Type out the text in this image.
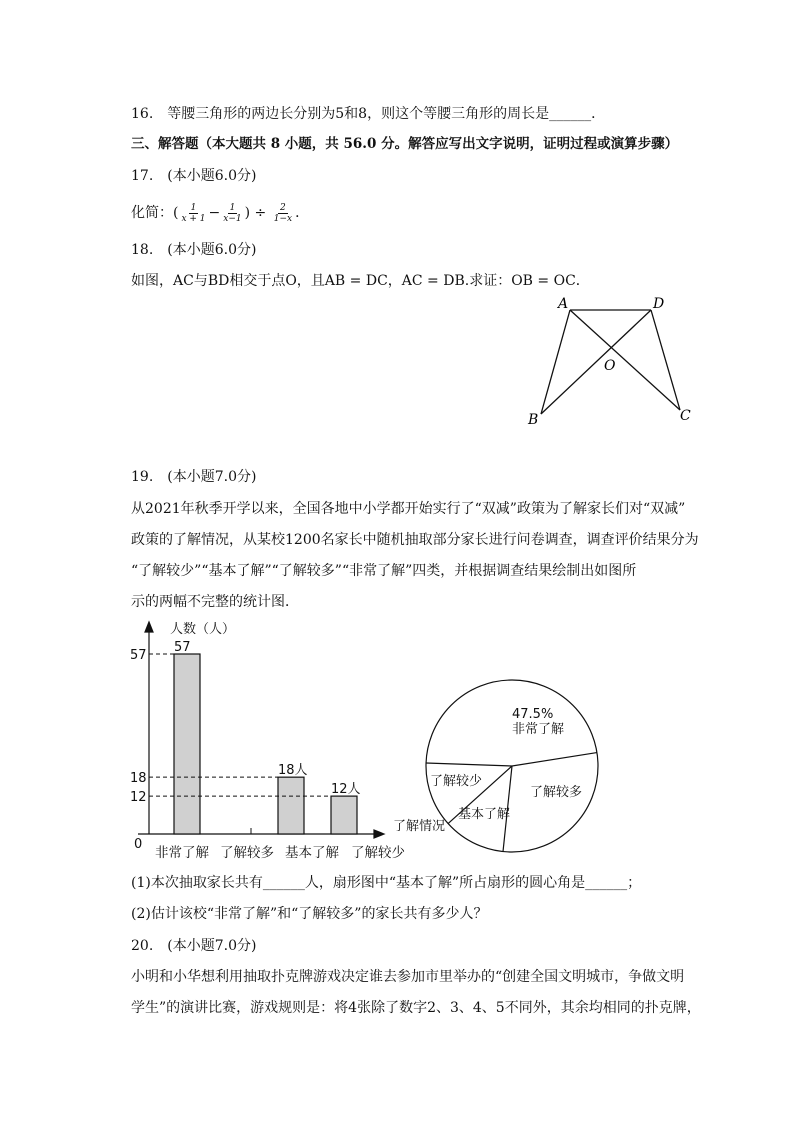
16.　等腰三角形的两边长分别为5和8，则这个等腰三角形的周长是______．
三、解答题（本大题共 8 小题，共 56.0 分。解答应写出文字说明，证明过程或演算步骤）
17.　(本小题6.0分)
化简：( $\frac{1}{x + 1} - \frac{1}{x-1}$ ) ÷ $\frac{2}{1-x}$ ．
18.　(本小题6.0分)
如图，AC与BD相交于点O，且AB = DC，AC = DB.求证：OB = OC．
A	D
O
B	C
19.　(本小题7.0分)
从2021年秋季开学以来，全国各地中小学都开始实行了“双减”政策为了解家长们对“双减”
政策的了解情况，从某校1200名家长中随机抽取部分家长进行问卷调查，调查评价结果分为
“了解较少”“基本了解”“了解较多”“非常了解”四类，并根据调查结果绘制出如图所
示的两幅不完整的统计图．
57
18
12
57
18人
12人
人数（人）
0
了解情况
非常了解 了解较多 基本了解 了解较少
47.5%
非常了解
了解较多
基本了解
了解较少
(1)本次抽取家长共有______人，扇形图中“基本了解”所占扇形的圆心角是______；
(2)估计该校“非常了解”和“了解较多”的家长共有多少人？
20.　(本小题7.0分)
小明和小华想利用抽取扑克牌游戏决定谁去参加市里举办的“创建全国文明城市，争做文明
学生”的演讲比赛，游戏规则是：将4张除了数字2、3、4、5不同外，其余均相同的扑克牌，
